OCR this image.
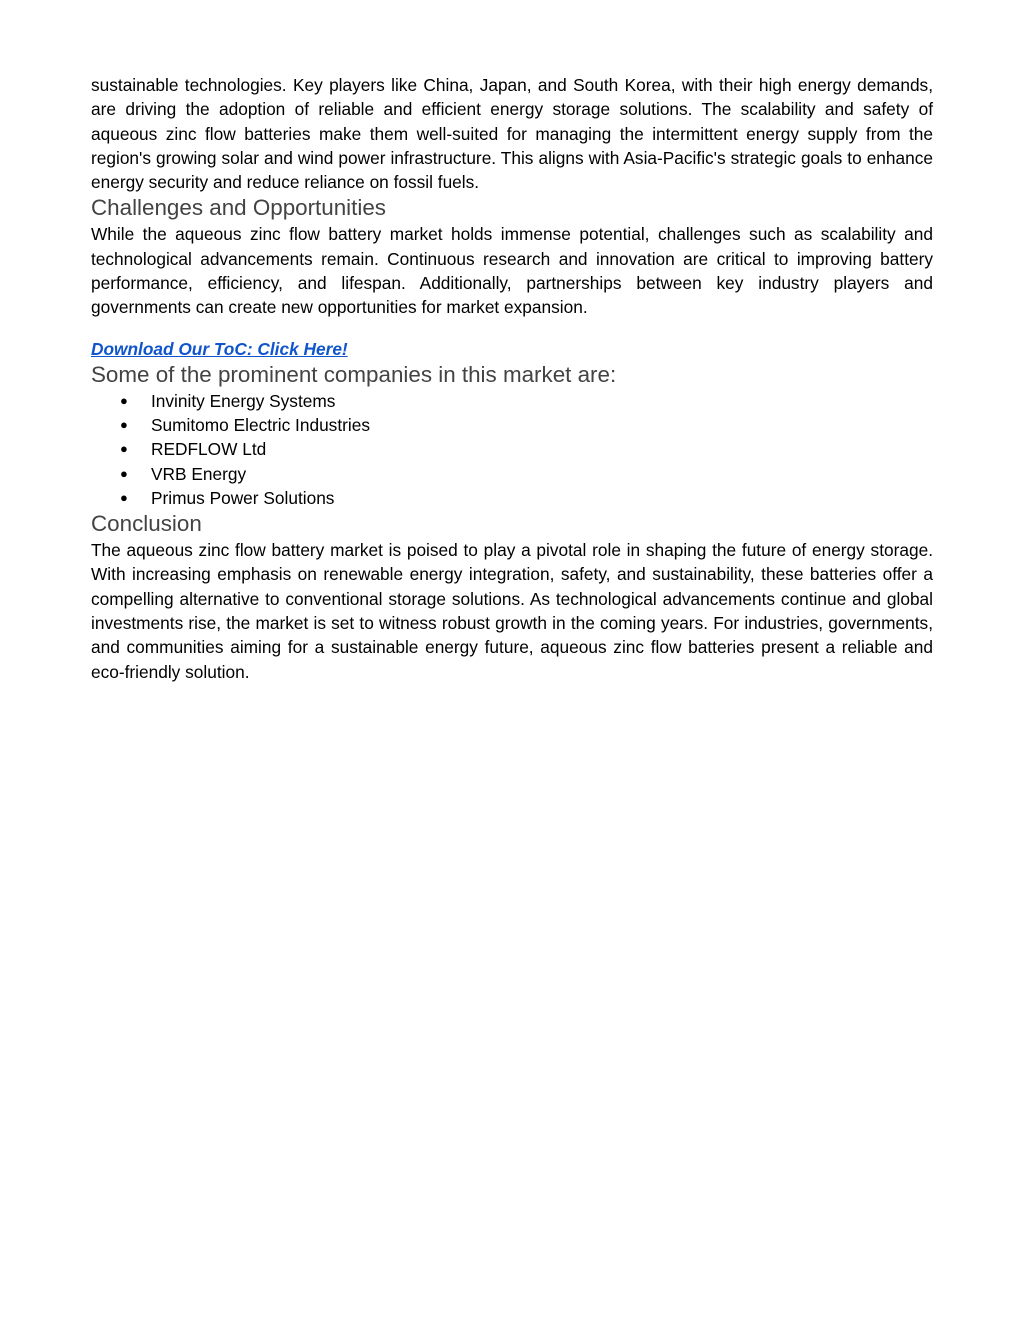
sustainable technologies. Key players like China, Japan, and South Korea, with their high energy demands, are driving the adoption of reliable and efficient energy storage solutions. The scalability and safety of aqueous zinc flow batteries make them well-suited for managing the intermittent energy supply from the region's growing solar and wind power infrastructure. This aligns with Asia-Pacific's strategic goals to enhance energy security and reduce reliance on fossil fuels.

Challenges and Opportunities

While the aqueous zinc flow battery market holds immense potential, challenges such as scalability and technological advancements remain. Continuous research and innovation are critical to improving battery performance, efficiency, and lifespan. Additionally, partnerships between key industry players and governments can create new opportunities for market expansion.

Download Our ToC: Click Here!

Some of the prominent companies in this market are:
● Invinity Energy Systems
● Sumitomo Electric Industries
● REDFLOW Ltd
● VRB Energy
● Primus Power Solutions
Conclusion

The aqueous zinc flow battery market is poised to play a pivotal role in shaping the future of energy storage. With increasing emphasis on renewable energy integration, safety, and sustainability, these batteries offer a compelling alternative to conventional storage solutions. As technological advancements continue and global investments rise, the market is set to witness robust growth in the coming years. For industries, governments, and communities aiming for a sustainable energy future, aqueous zinc flow batteries present a reliable and eco-friendly solution.
